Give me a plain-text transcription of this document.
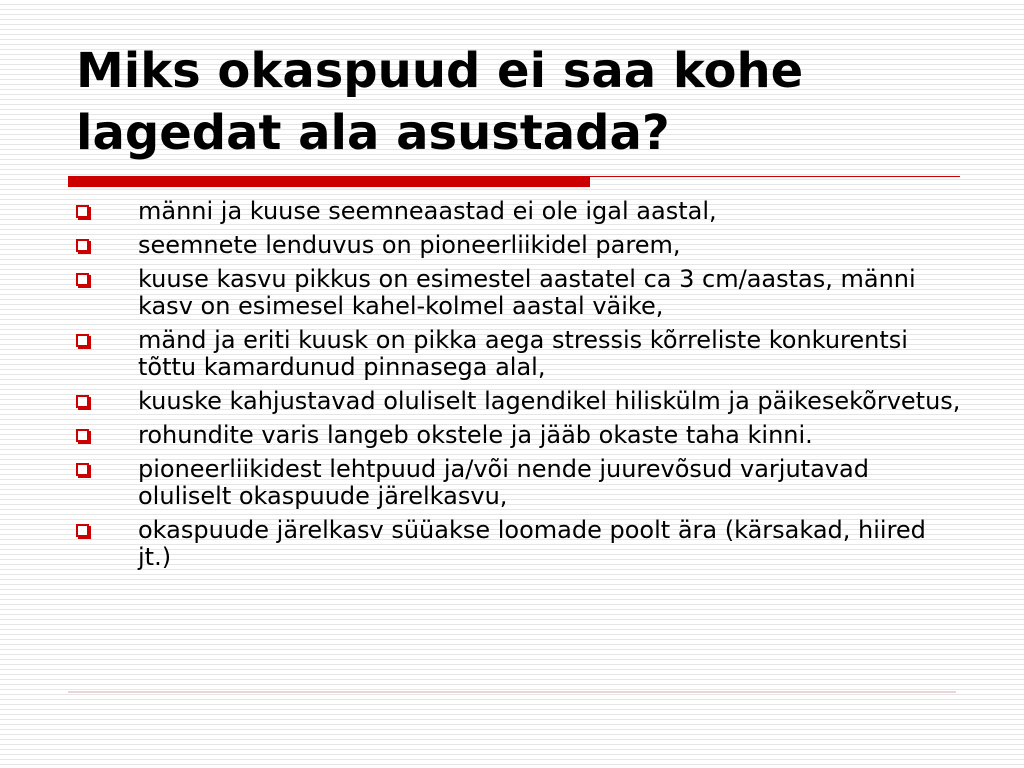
Miks okaspuud ei saa kohe
lagedat ala asustada?
männi ja kuuse seemneaastad ei ole igal aastal,
seemnete lenduvus on pioneerliikidel parem,
kuuse kasvu pikkus on esimestel aastatel ca 3 cm/aastas, männi kasv on esimesel kahel-kolmel aastal väike,
mänd ja eriti kuusk on pikka aega stressis kõrreliste konkurentsi tõttu kamardunud pinnasega alal,
kuuske kahjustavad oluliselt lagendikel hiliskülm ja päikesekõrvetus,
rohundite varis langeb okstele ja jääb okaste taha kinni.
pioneerliikidest lehtpuud ja/või nende juurevõsud varjutavad oluliselt okaspuude järelkasvu,
okaspuude järelkasv süüakse loomade poolt ära (kärsakad, hiired jt.)
